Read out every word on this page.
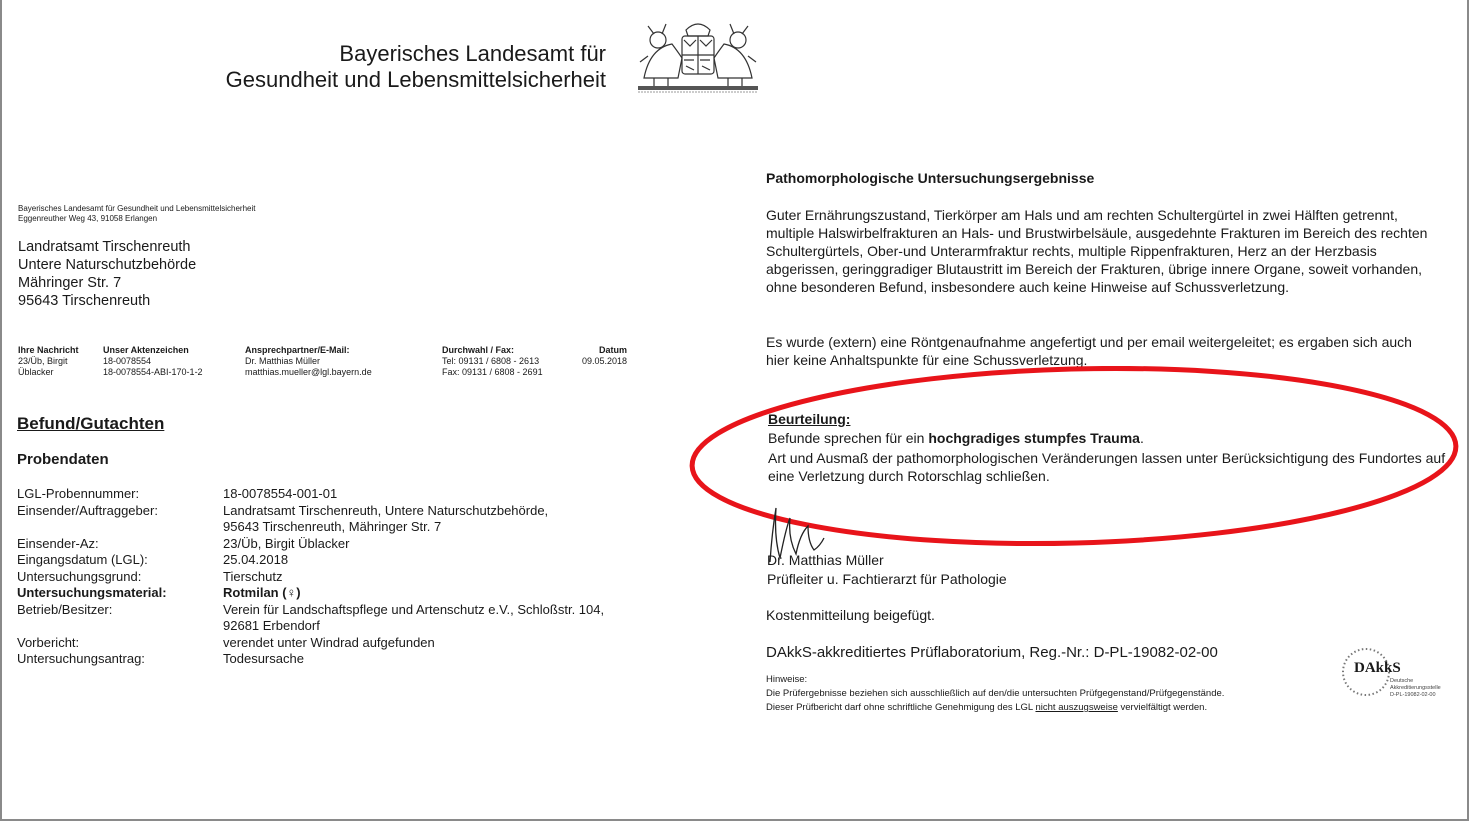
Bayerisches Landesamt für
Gesundheit und Lebensmittelsicherheit
Bayerisches Landesamt für Gesundheit und Lebensmittelsicherheit
Eggenreuther Weg 43, 91058 Erlangen
Landratsamt Tirschenreuth
Untere Naturschutzbehörde
Mähringer Str. 7
95643 Tirschenreuth
Ihre Nachricht
23/Üb, Birgit
Üblacker
Unser Aktenzeichen
18-0078554
18-0078554-ABI-170-1-2
Ansprechpartner/E-Mail:
Dr. Matthias Müller
matthias.mueller@lgl.bayern.de
Durchwahl / Fax:
Tel: 09131 / 6808 - 2613
Fax: 09131 / 6808 - 2691
Datum
09.05.2018
Befund/Gutachten
Probendaten
LGL-Probennummer:
Einsender/Auftraggeber:
Einsender-Az:
Eingangsdatum (LGL):
Untersuchungsgrund:
Untersuchungsmaterial:
Betrieb/Besitzer:
Vorbericht:
Untersuchungsantrag:
18-0078554-001-01
Landratsamt Tirschenreuth, Untere Naturschutzbehörde,
95643 Tirschenreuth, Mähringer Str. 7
23/Üb, Birgit Üblacker
25.04.2018
Tierschutz
Rotmilan (♀)
Verein für Landschaftspflege und Artenschutz e.V., Schloßstr. 104,
92681 Erbendorf
verendet unter Windrad aufgefunden
Todesursache
Pathomorphologische Untersuchungsergebnisse
Guter Ernährungszustand, Tierkörper am Hals und am rechten Schultergürtel in zwei Hälften getrennt, multiple Halswirbelfrakturen an Hals- und Brustwirbelsäule, ausgedehnte Frakturen im Bereich des rechten Schultergürtels, Ober-und Unterarmfraktur rechts, multiple Rippenfrakturen, Herz an der Herzbasis abgerissen, geringgradiger Blutaustritt im Bereich der Frakturen, übrige innere Organe, soweit vorhanden, ohne besonderen Befund, insbesondere auch keine Hinweise auf Schussverletzung.
Es wurde (extern) eine Röntgenaufnahme angefertigt und per email weitergeleitet; es ergaben sich auch hier keine Anhaltspunkte für eine Schussverletzung.
Beurteilung:
Befunde sprechen für ein hochgradiges stumpfes Trauma.
Art und Ausmaß der pathomorphologischen Veränderungen lassen unter Berücksichtigung des Fundortes auf eine Verletzung durch Rotorschlag schließen.
Dr. Matthias Müller
Prüfleiter u. Fachtierarzt für Pathologie
Kostenmitteilung beigefügt.
DAkkS-akkreditiertes Prüflaboratorium, Reg.-Nr.: D-PL-19082-02-00
Hinweise:
Die Prüfergebnisse beziehen sich ausschließlich auf den/die untersuchten Prüfgegenstand/Prüfgegenstände.
Dieser Prüfbericht darf ohne schriftliche Genehmigung des LGL nicht auszugsweise vervielfältigt werden.
DAkkS
Deutsche
Akkreditierungsstelle
D-PL-19082-02-00
